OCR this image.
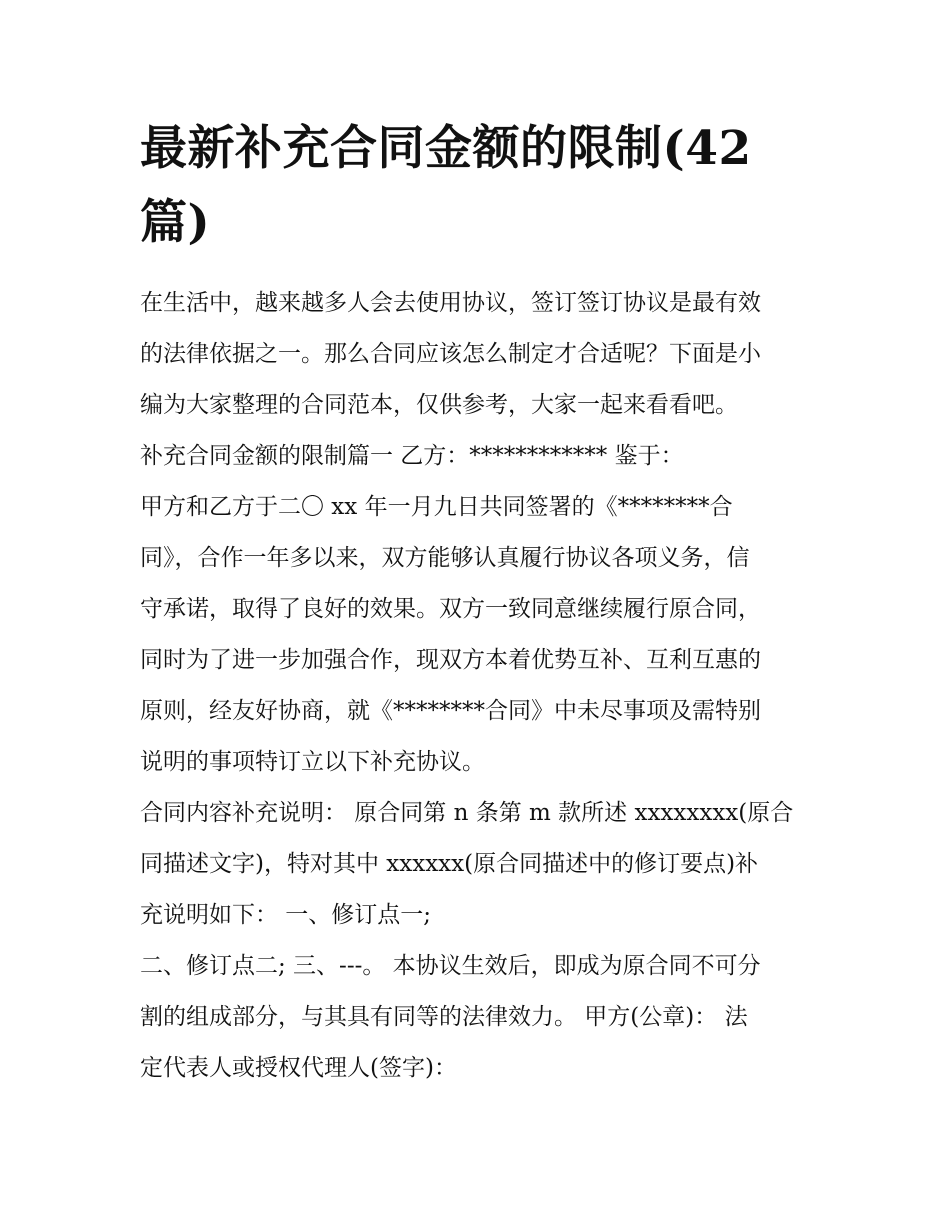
最新补充合同金额的限制(42
篇)
在生活中，越来越多人会去使用协议，签订签订协议是最有效
的法律依据之一。那么合同应该怎么制定才合适呢？下面是小
编为大家整理的合同范本，仅供参考，大家一起来看看吧。
补充合同金额的限制篇一 乙方：************ 鉴于：
甲方和乙方于二〇 xx 年一月九日共同签署的《********合
同》，合作一年多以来，双方能够认真履行协议各项义务，信
守承诺，取得了良好的效果。双方一致同意继续履行原合同，
同时为了进一步加强合作，现双方本着优势互补、互利互惠的
原则，经友好协商，就《********合同》中未尽事项及需特别
说明的事项特订立以下补充协议。
合同内容补充说明： 原合同第 n 条第 m 款所述 xxxxxxxx(原合
同描述文字)，特对其中 xxxxxx(原合同描述中的修订要点)补
充说明如下： 一、修订点一;
二、修订点二; 三、---。 本协议生效后，即成为原合同不可分
割的组成部分，与其具有同等的法律效力。 甲方(公章)： 法
定代表人或授权代理人(签字)：
